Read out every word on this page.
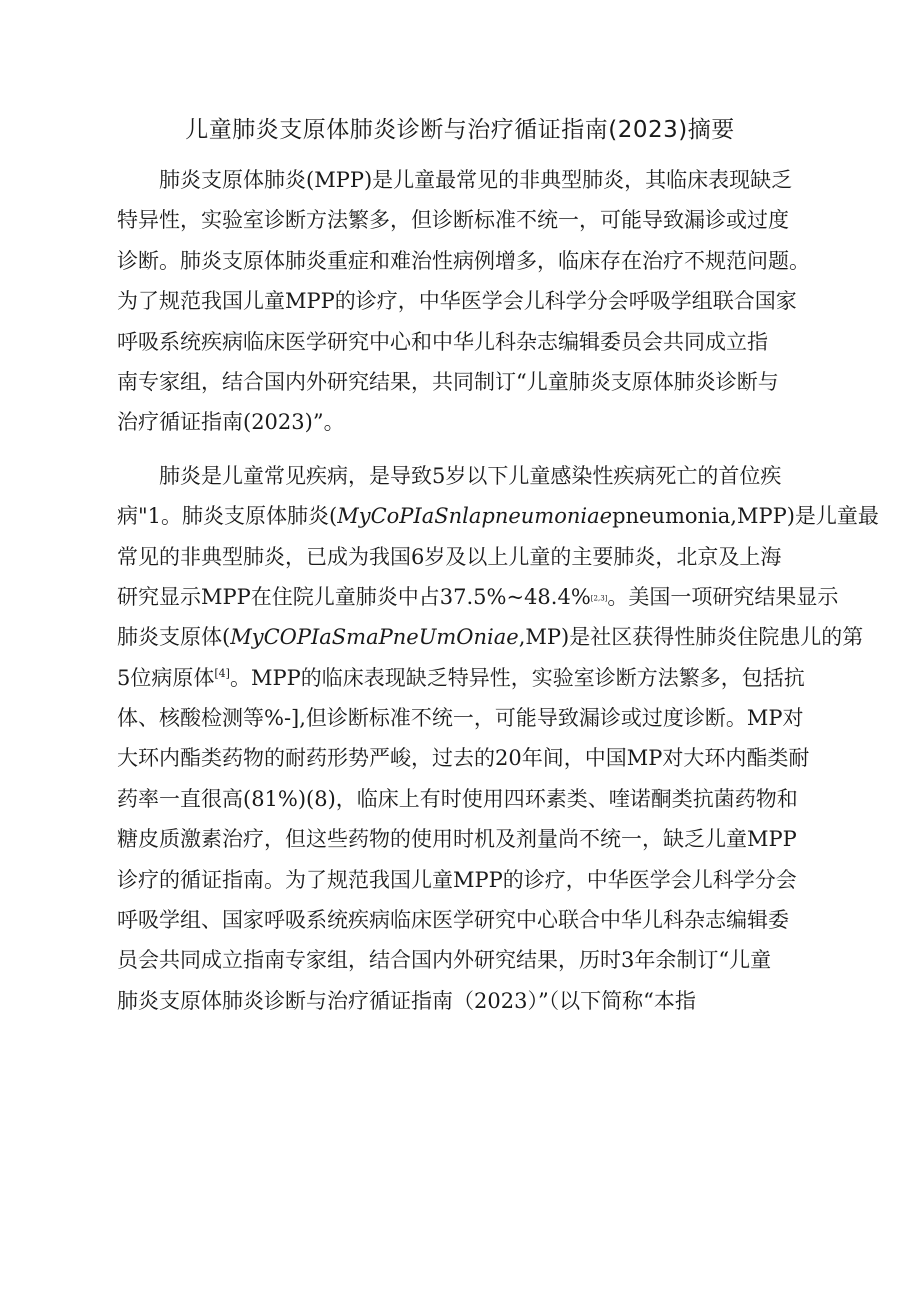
儿童肺炎支原体肺炎诊断与治疗循证指南(2023)摘要
肺炎支原体肺炎(MPP)是儿童最常见的非典型肺炎，其临床表现缺乏
特异性，实验室诊断方法繁多，但诊断标准不统一，可能导致漏诊或过度
诊断。肺炎支原体肺炎重症和难治性病例增多，临床存在治疗不规范问题。
为了规范我国儿童MPP的诊疗，中华医学会儿科学分会呼吸学组联合国家
呼吸系统疾病临床医学研究中心和中华儿科杂志编辑委员会共同成立指
南专家组，结合国内外研究结果，共同制订“儿童肺炎支原体肺炎诊断与
治疗循证指南(2023)”。
肺炎是儿童常见疾病，是导致5岁以下儿童感染性疾病死亡的首位疾
病"1。肺炎支原体肺炎(MyCoPIaSnlapneumoniaepneumonia,MPP)是儿童最
常见的非典型肺炎，已成为我国6岁及以上儿童的主要肺炎，北京及上海
研究显示MPP在住院儿童肺炎中占37.5%~48.4%[2,3]。美国一项研究结果显示
肺炎支原体(MyCOPIaSmaPneUmOniae,MP)是社区获得性肺炎住院患儿的第
5位病原体[4]。MPP的临床表现缺乏特异性，实验室诊断方法繁多，包括抗
体、核酸检测等%-],但诊断标准不统一，可能导致漏诊或过度诊断。MP对
大环内酯类药物的耐药形势严峻，过去的20年间，中国MP对大环内酯类耐
药率一直很高(81%)(8)，临床上有时使用四环素类、喹诺酮类抗菌药物和
糖皮质激素治疗，但这些药物的使用时机及剂量尚不统一，缺乏儿童MPP
诊疗的循证指南。为了规范我国儿童MPP的诊疗，中华医学会儿科学分会
呼吸学组、国家呼吸系统疾病临床医学研究中心联合中华儿科杂志编辑委
员会共同成立指南专家组，结合国内外研究结果，历时3年余制订“儿童
肺炎支原体肺炎诊断与治疗循证指南（2023）”（以下简称“本指
